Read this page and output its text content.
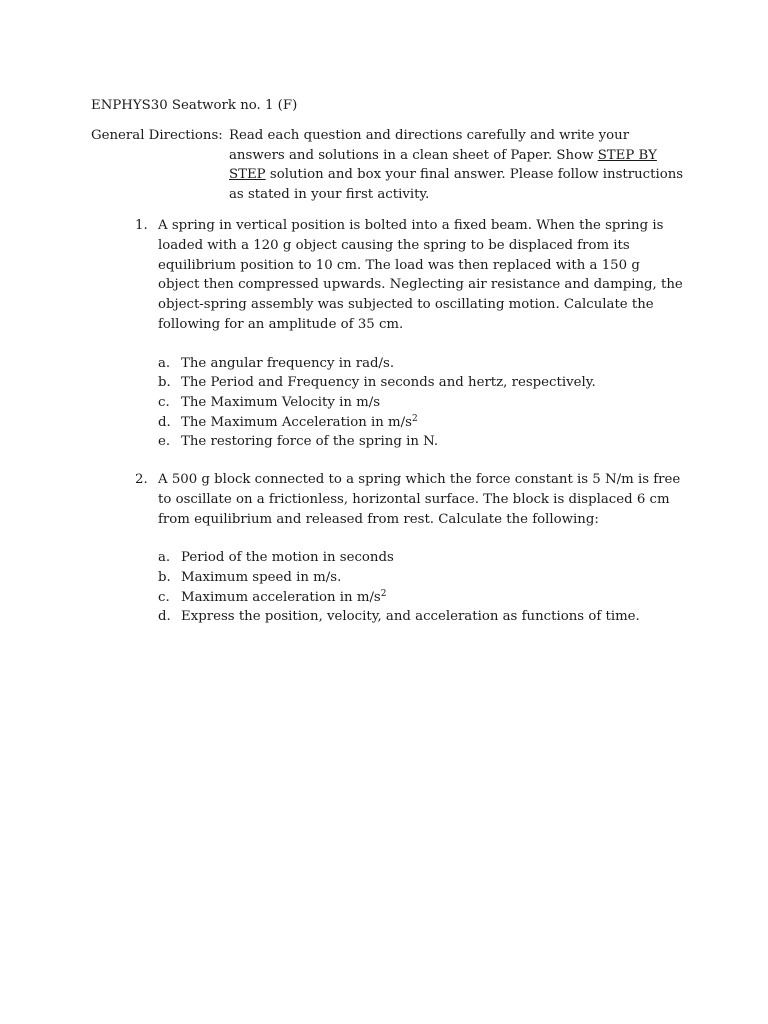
ENPHYS30 Seatwork no. 1 (F)
General Directions: Read each question and directions carefully and write your answers and solutions in a clean sheet of Paper. Show STEP BY STEP solution and box your final answer. Please follow instructions as stated in your first activity.
1. A spring in vertical position is bolted into a fixed beam. When the spring is loaded with a 120 g object causing the spring to be displaced from its equilibrium position to 10 cm. The load was then replaced with a 150 g object then compressed upwards. Neglecting air resistance and damping, the object-spring assembly was subjected to oscillating motion. Calculate the following for an amplitude of 35 cm.
a. The angular frequency in rad/s.
b. The Period and Frequency in seconds and hertz, respectively.
c. The Maximum Velocity in m/s
d. The Maximum Acceleration in $m/s^2$
e. The restoring force of the spring in N.
2. A 500 g block connected to a spring which the force constant is 5 N/m is free to oscillate on a frictionless, horizontal surface. The block is displaced 6 cm from equilibrium and released from rest. Calculate the following:
a. Period of the motion in seconds
b. Maximum speed in m/s.
c. Maximum acceleration in $m/s^2$
d. Express the position, velocity, and acceleration as functions of time.
